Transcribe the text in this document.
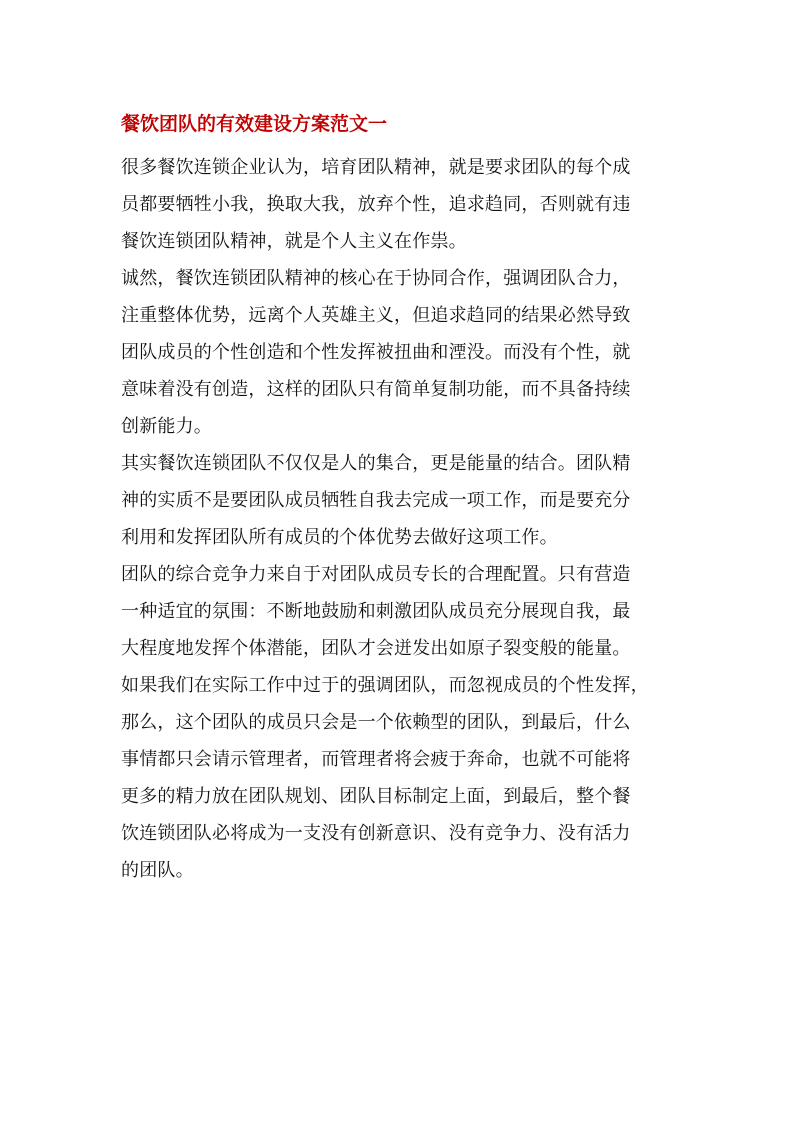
餐饮团队的有效建设方案范文一

很多餐饮连锁企业认为，培育团队精神，就是要求团队的每个成
员都要牺牲小我，换取大我，放弃个性，追求趋同，否则就有违
餐饮连锁团队精神，就是个人主义在作祟。

诚然，餐饮连锁团队精神的核心在于协同合作，强调团队合力，
注重整体优势，远离个人英雄主义，但追求趋同的结果必然导致
团队成员的个性创造和个性发挥被扭曲和湮没。而没有个性，就
意味着没有创造，这样的团队只有简单复制功能，而不具备持续
创新能力。

其实餐饮连锁团队不仅仅是人的集合，更是能量的结合。团队精
神的实质不是要团队成员牺牲自我去完成一项工作，而是要充分
利用和发挥团队所有成员的个体优势去做好这项工作。

团队的综合竞争力来自于对团队成员专长的合理配置。只有营造
一种适宜的氛围：不断地鼓励和刺激团队成员充分展现自我，最
大程度地发挥个体潜能，团队才会迸发出如原子裂变般的能量。

如果我们在实际工作中过于的强调团队，而忽视成员的个性发挥，
那么，这个团队的成员只会是一个依赖型的团队，到最后，什么
事情都只会请示管理者，而管理者将会疲于奔命，也就不可能将
更多的精力放在团队规划、团队目标制定上面，到最后，整个餐
饮连锁团队必将成为一支没有创新意识、没有竞争力、没有活力
的团队。
